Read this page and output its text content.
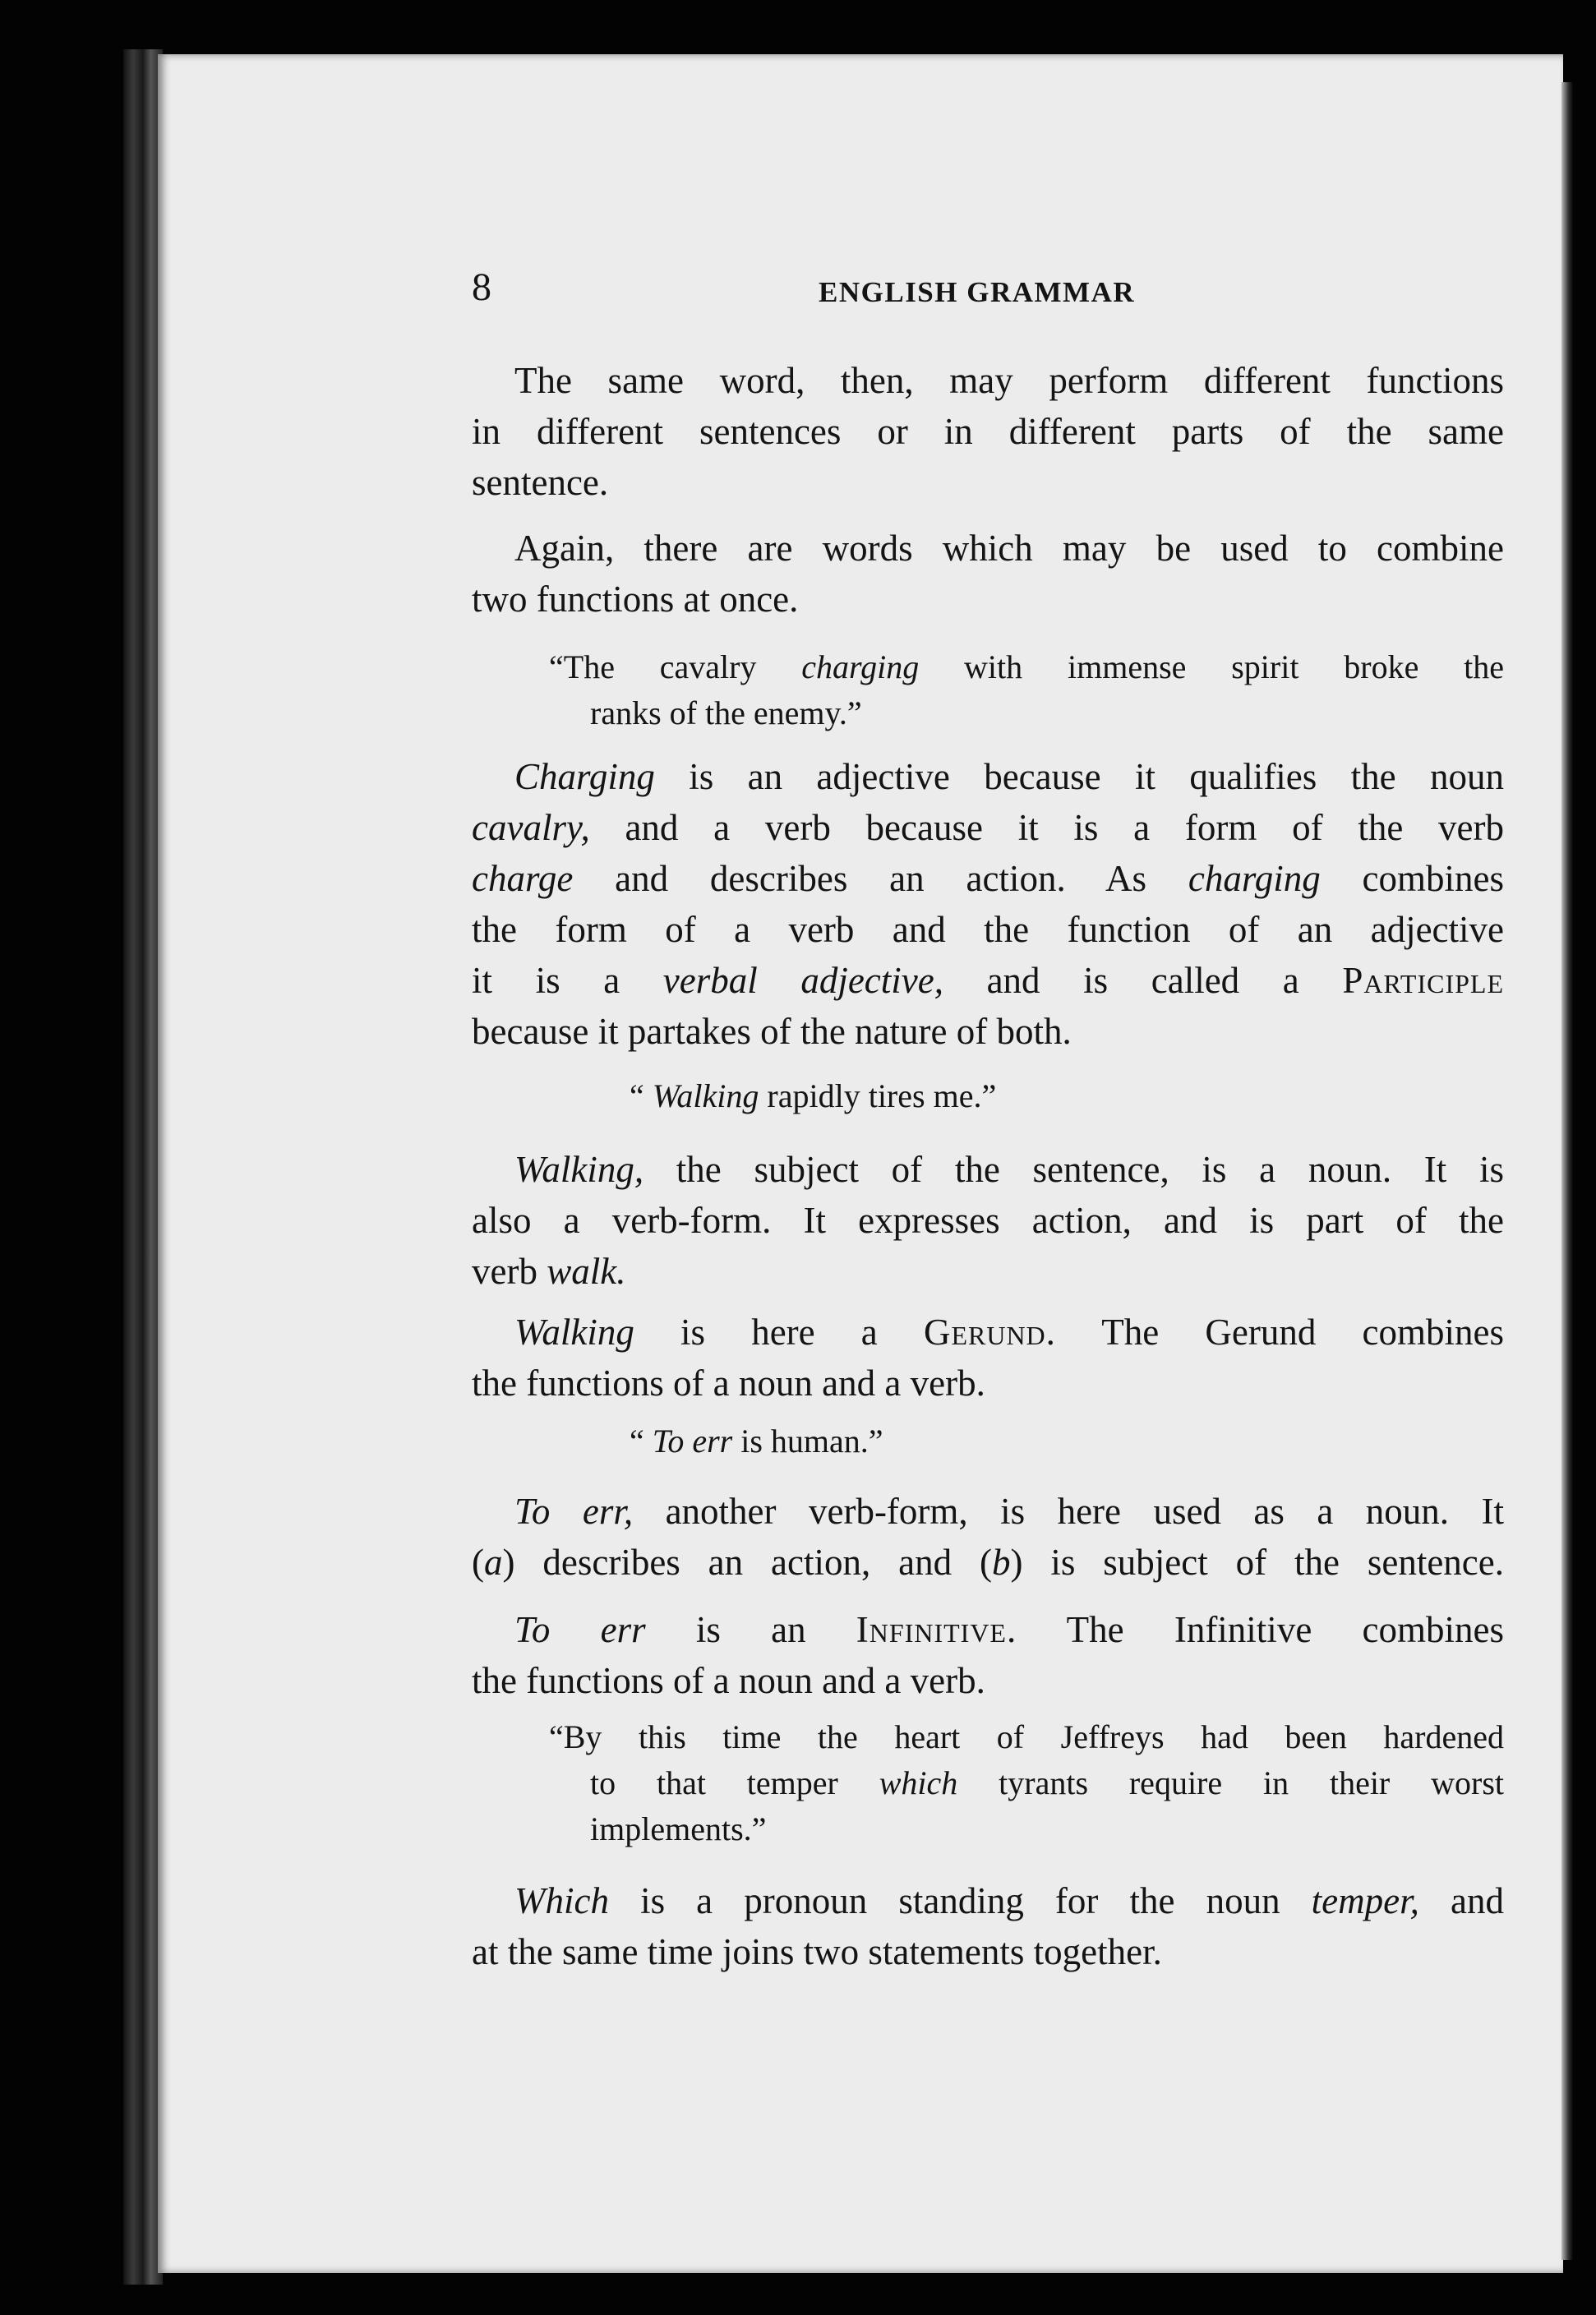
8	ENGLISH GRAMMAR

The same word, then, may perform different functions
in different sentences or in different parts of the same
sentence.
Again, there are words which may be used to combine
two functions at once.
“The cavalry charging with immense spirit broke the
ranks of the enemy.”
Charging is an adjective because it qualifies the noun
cavalry, and a verb because it is a form of the verb
charge and describes an action. As charging combines
the form of a verb and the function of an adjective
it is a verbal adjective, and is called a Participle
because it partakes of the nature of both.
“ Walking rapidly tires me.”
Walking, the subject of the sentence, is a noun. It is
also a verb-form. It expresses action, and is part of the
verb walk.
Walking is here a Gerund. The Gerund combines
the functions of a noun and a verb.
“ To err is human.”
To err, another verb-form, is here used as a noun. It
(a) describes an action, and (b) is subject of the sentence.
To err is an Infinitive. The Infinitive combines
the functions of a noun and a verb.
“By this time the heart of Jeffreys had been hardened
to that temper which tyrants require in their worst
implements.”
Which is a pronoun standing for the noun temper, and
at the same time joins two statements together.
